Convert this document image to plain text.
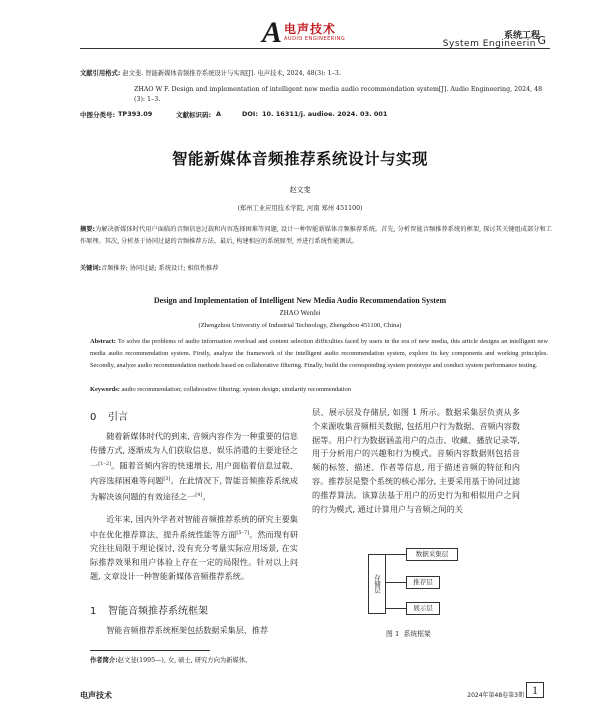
A 电声技术
AUDIO ENGINEERING	系统工程
System Engineerin G
文献引用格式: 赵文斐. 智能新媒体音频推荐系统设计与实现[J]. 电声技术, 2024, 48(3): 1–3.
ZHAO W F. Design and implementation of intelligent new media audio recommendation system[J]. Audio Engineering, 2024, 48 (3): 1–3.
中图分类号: TP393.09	文献标识码: A	DOI: 10. 16311/j. audioe. 2024. 03. 001
智能新媒体音频推荐系统设计与实现
赵文斐
(郑州工业应用技术学院, 河南 郑州 451100)
摘要:为解决新媒体时代用户面临的音频信息过载和内容选择困难等问题, 设计一种智能新媒体音频推荐系统。首先, 分析智能音频推荐系统的框架, 探讨其关键组成部分和工作原理。其次, 分析基于协同过滤的音频推荐方法。最后, 构建相应的系统原型, 并进行系统性能测试。
关键词:音频推荐; 协同过滤; 系统设计; 相似性推荐
Design and Implementation of Intelligent New Media Audio Recommendation System
ZHAO Wenfei
(Zhengzhou University of Industrial Technology, Zhengzhou 451100, China)
Abstract: To solve the problems of audio information overload and content selection difficulties faced by users in the era of new media, this article designs an intelligent new media audio recommendation system. Firstly, analyze the framework of the intelligent audio recommendation system, explore its key components and working principles. Secondly, analyze audio recommendation methods based on collaborative filtering. Finally, build the corresponding system prototype and conduct system performance testing.
Keywords: audio recommendation; collaborative filtering; system design; similarity recommendation
0 引言
随着新媒体时代的到来, 音频内容作为一种重要的信息传播方式, 逐渐成为人们获取信息、娱乐消遣的主要途径之一[1–2]。随着音频内容的快速增长, 用户面临着信息过载、内容选择困难等问题[3]。在此情况下, 智能音频推荐系统成为解决该问题的有效途径之一[4]。
近年来, 国内外学者对智能音频推荐系统的研究主要集中在优化推荐算法、提升系统性能等方面[5–7]。然而现有研究往往局限于理论探讨, 没有充分考量实际应用场景, 在实际推荐效果和用户体验上存在一定的局限性。针对以上问题, 文章设计一种智能新媒体音频推荐系统。
1 智能音频推荐系统框架
智能音频推荐系统框架包括数据采集层、推荐
层、展示层及存储层, 如图 1 所示。数据采集层负责从多个来源收集音频相关数据, 包括用户行为数据、音频内容数据等。用户行为数据涵盖用户的点击、收藏、播放记录等, 用于分析用户的兴趣和行为模式。音频内容数据则包括音频的标签、描述、作者等信息, 用于描述音频的特征和内容。推荐层是整个系统的核心部分, 主要采用基于协同过滤的推荐算法。该算法基于用户的历史行为和相似用户之间的行为模式, 通过计算用户与音频之间的关
存储层
数据采集层
推荐层
展示层
图 1 系统框架
作者简介:赵文斐(1995—), 女, 硕士, 研究方向为新媒体。
电声技术	2024年第48卷第3期 1
